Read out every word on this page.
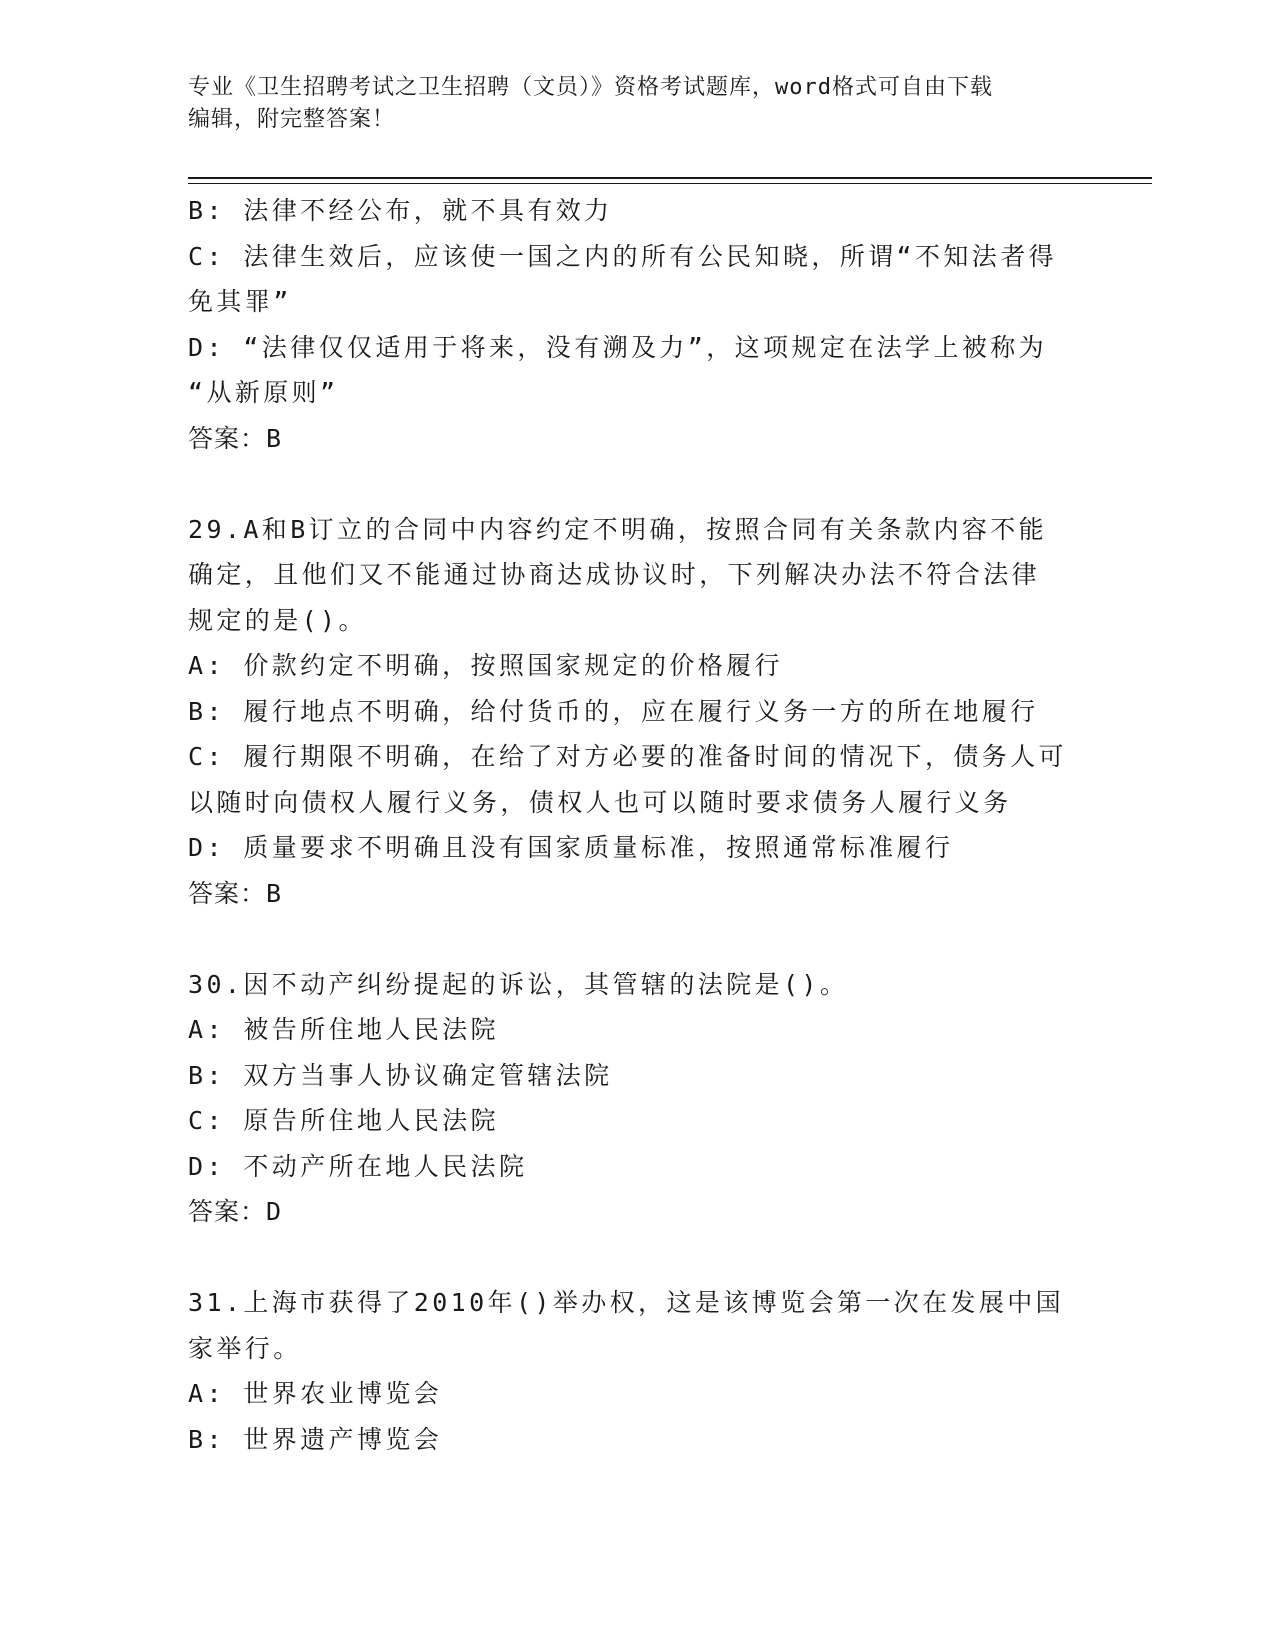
专业《卫生招聘考试之卫生招聘（文员）》资格考试题库，word格式可自由下载
编辑，附完整答案！

B: 法律不经公布，就不具有效力

C: 法律生效后，应该使一国之内的所有公民知晓，所谓“不知法者得

免其罪”

D: “法律仅仅适用于将来，没有溯及力”，这项规定在法学上被称为

“从新原则”

答案：B

29.A和B订立的合同中内容约定不明确，按照合同有关条款内容不能

确定，且他们又不能通过协商达成协议时，下列解决办法不符合法律

规定的是()。

A: 价款约定不明确，按照国家规定的价格履行

B: 履行地点不明确，给付货币的，应在履行义务一方的所在地履行

C: 履行期限不明确，在给了对方必要的准备时间的情况下，债务人可

以随时向债权人履行义务，债权人也可以随时要求债务人履行义务

D: 质量要求不明确且没有国家质量标准，按照通常标准履行

答案：B

30.因不动产纠纷提起的诉讼，其管辖的法院是()。

A: 被告所住地人民法院

B: 双方当事人协议确定管辖法院

C: 原告所住地人民法院

D: 不动产所在地人民法院

答案：D

31.上海市获得了2010年()举办权，这是该博览会第一次在发展中国

家举行。

A: 世界农业博览会

B: 世界遗产博览会
